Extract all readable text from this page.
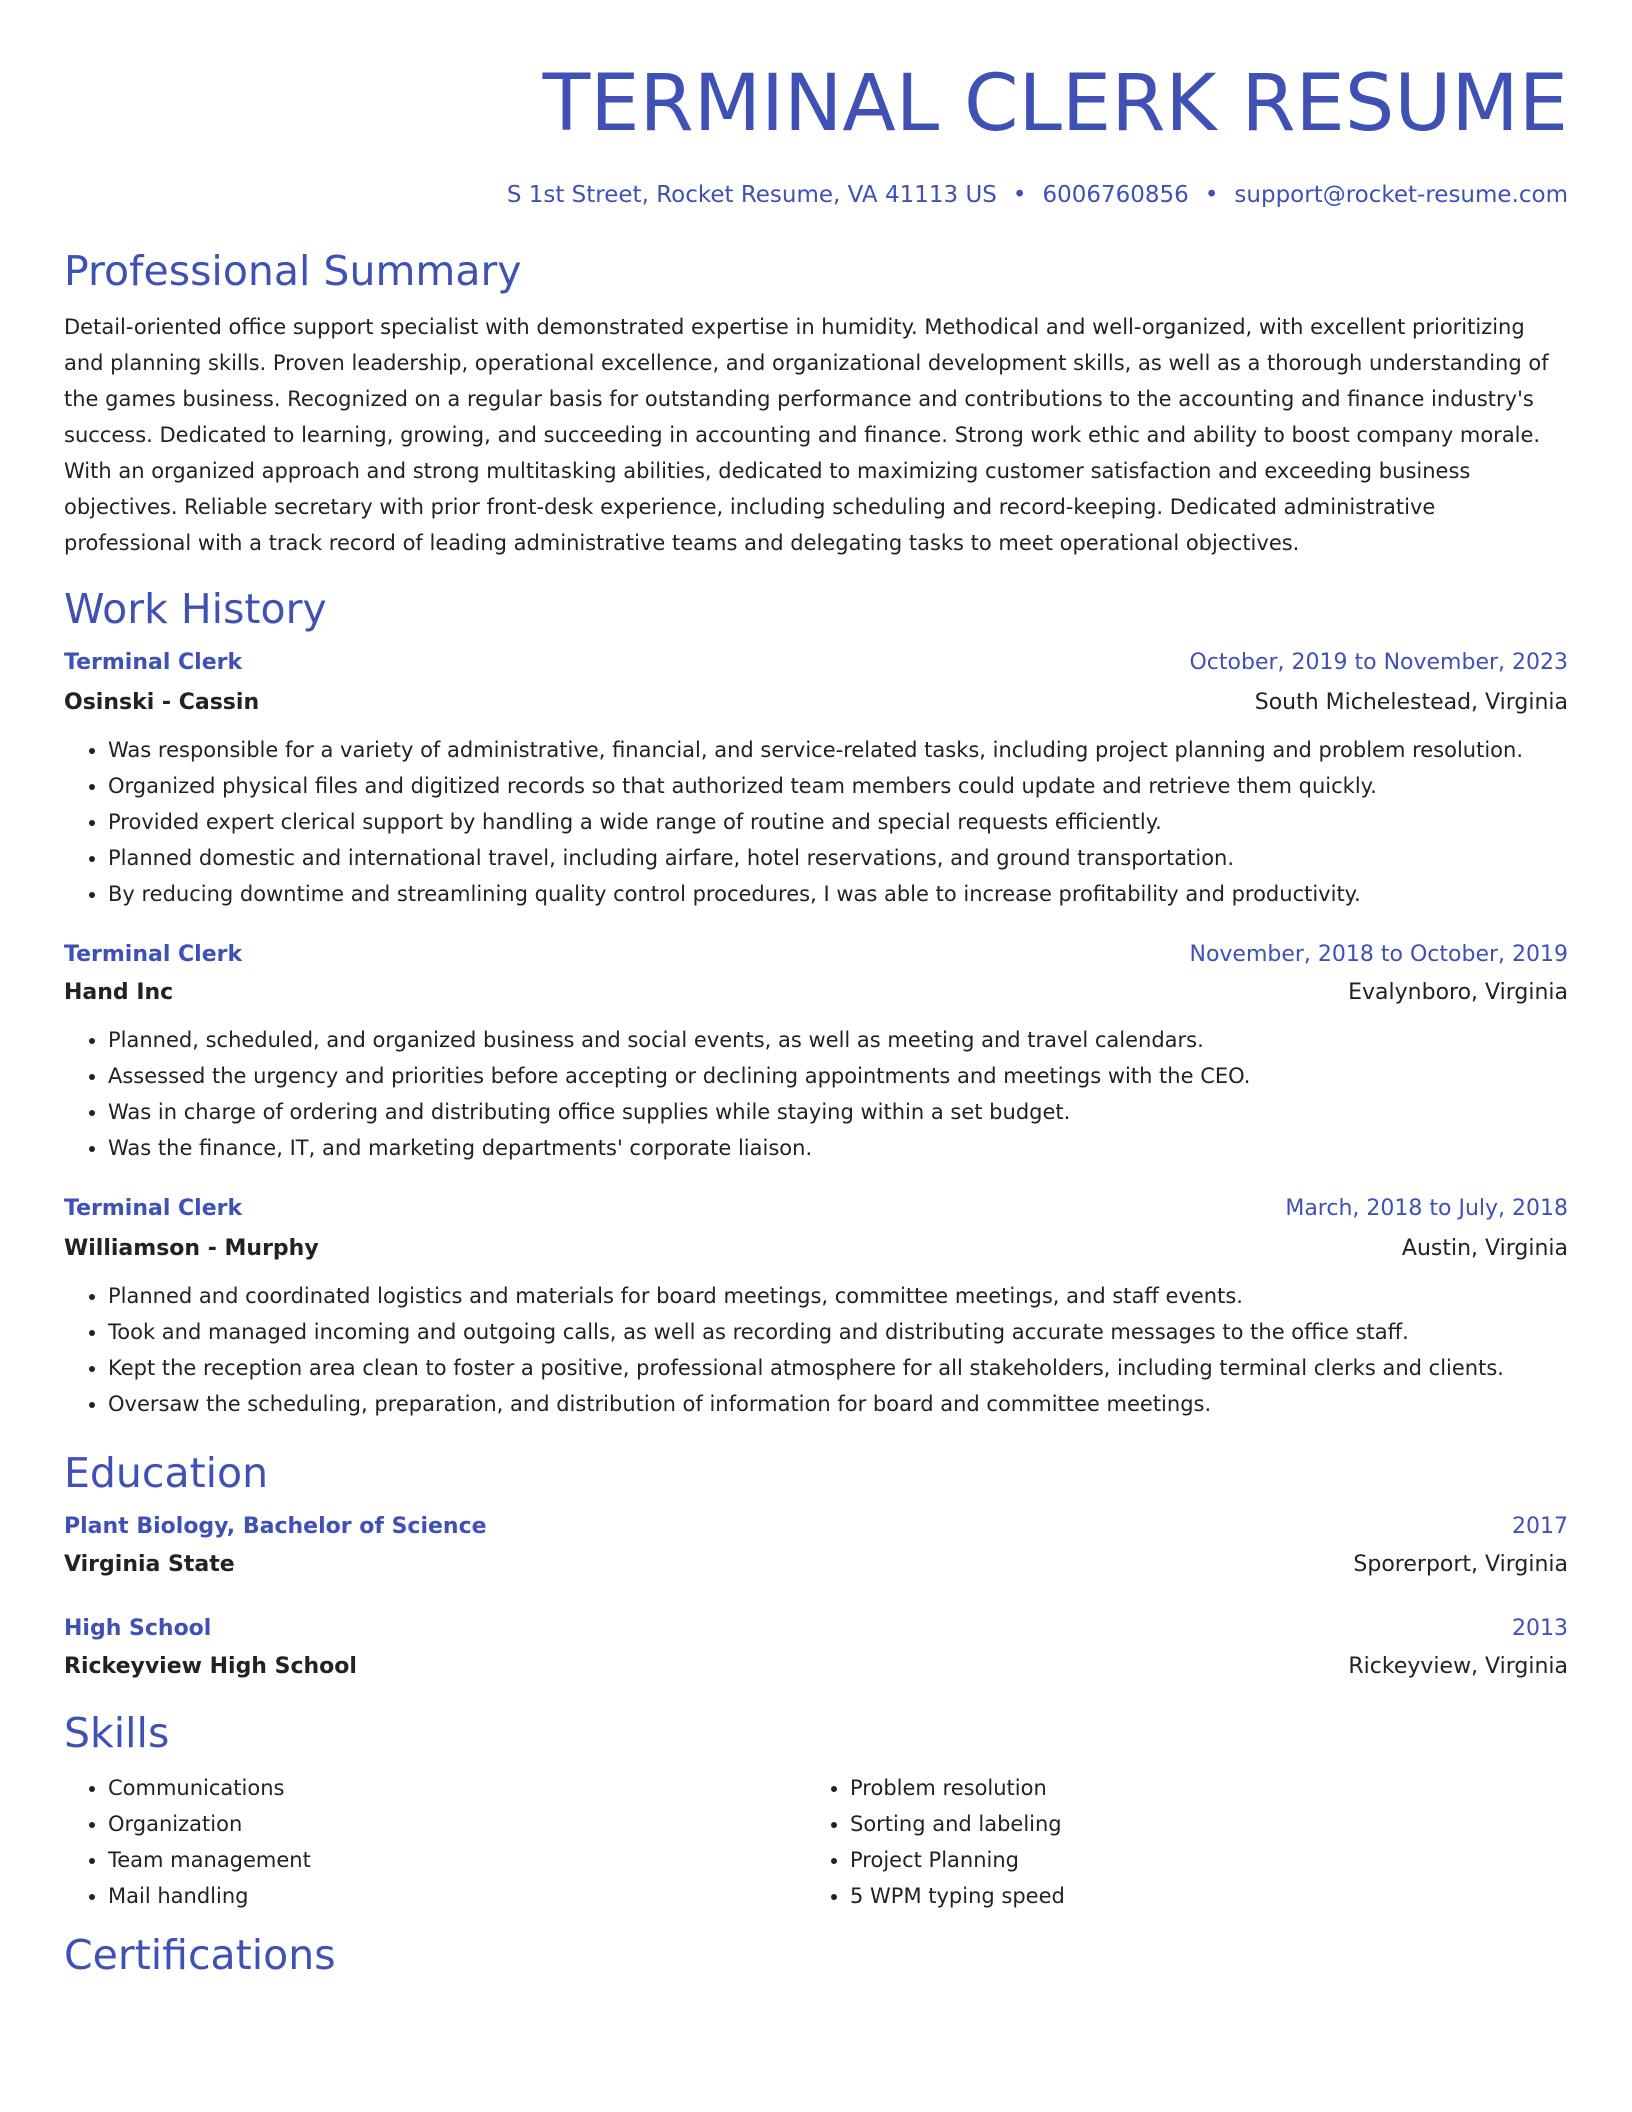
TERMINAL CLERK RESUME
S 1st Street, Rocket Resume, VA 41113 US • 6006760856 • support@rocket-resume.com
Professional Summary
Detail-oriented office support specialist with demonstrated expertise in humidity. Methodical and well-organized, with excellent prioritizing and planning skills. Proven leadership, operational excellence, and organizational development skills, as well as a thorough understanding of the games business. Recognized on a regular basis for outstanding performance and contributions to the accounting and finance industry's success. Dedicated to learning, growing, and succeeding in accounting and finance. Strong work ethic and ability to boost company morale. With an organized approach and strong multitasking abilities, dedicated to maximizing customer satisfaction and exceeding business objectives. Reliable secretary with prior front-desk experience, including scheduling and record-keeping. Dedicated administrative professional with a track record of leading administrative teams and delegating tasks to meet operational objectives.
Work History
Terminal Clerk	October, 2019 to November, 2023
Osinski - Cassin	South Michelestead, Virginia
• Was responsible for a variety of administrative, financial, and service-related tasks, including project planning and problem resolution.
• Organized physical files and digitized records so that authorized team members could update and retrieve them quickly.
• Provided expert clerical support by handling a wide range of routine and special requests efficiently.
• Planned domestic and international travel, including airfare, hotel reservations, and ground transportation.
• By reducing downtime and streamlining quality control procedures, I was able to increase profitability and productivity.
Terminal Clerk	November, 2018 to October, 2019
Hand Inc	Evalynboro, Virginia
• Planned, scheduled, and organized business and social events, as well as meeting and travel calendars.
• Assessed the urgency and priorities before accepting or declining appointments and meetings with the CEO.
• Was in charge of ordering and distributing office supplies while staying within a set budget.
• Was the finance, IT, and marketing departments' corporate liaison.
Terminal Clerk	March, 2018 to July, 2018
Williamson - Murphy	Austin, Virginia
• Planned and coordinated logistics and materials for board meetings, committee meetings, and staff events.
• Took and managed incoming and outgoing calls, as well as recording and distributing accurate messages to the office staff.
• Kept the reception area clean to foster a positive, professional atmosphere for all stakeholders, including terminal clerks and clients.
• Oversaw the scheduling, preparation, and distribution of information for board and committee meetings.
Education
Plant Biology, Bachelor of Science	2017
Virginia State	Sporerport, Virginia
High School	2013
Rickeyview High School	Rickeyview, Virginia
Skills
• Communications
• Organization
• Team management
• Mail handling
• Problem resolution
• Sorting and labeling
• Project Planning
• 5 WPM typing speed
Certifications
